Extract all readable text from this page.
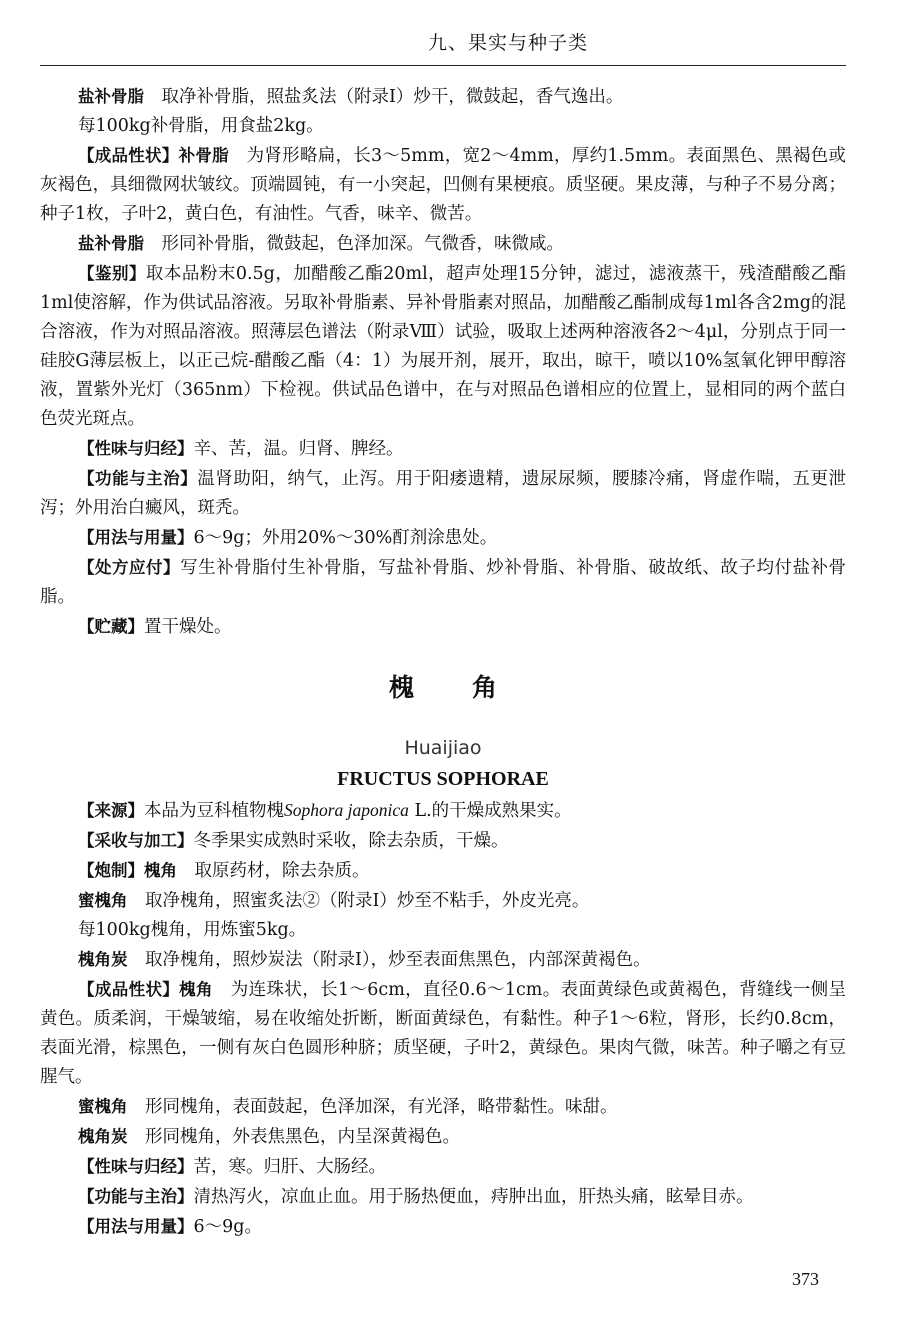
九、果实与种子类

盐补骨脂　取净补骨脂，照盐炙法（附录Ⅰ）炒干，微鼓起，香气逸出。

每100kg补骨脂，用食盐2kg。

【成品性状】补骨脂　为肾形略扁，长3～5mm，宽2～4mm，厚约1.5mm。表面黑色、黑褐色或灰褐色，具细微网状皱纹。顶端圆钝，有一小突起，凹侧有果梗痕。质坚硬。果皮薄，与种子不易分离；种子1枚，子叶2，黄白色，有油性。气香，味辛、微苦。

盐补骨脂　形同补骨脂，微鼓起，色泽加深。气微香，味微咸。

【鉴别】取本品粉末0.5g，加醋酸乙酯20ml，超声处理15分钟，滤过，滤液蒸干，残渣醋酸乙酯1ml使溶解，作为供试品溶液。另取补骨脂素、异补骨脂素对照品，加醋酸乙酯制成每1ml各含2mg的混合溶液，作为对照品溶液。照薄层色谱法（附录Ⅷ）试验，吸取上述两种溶液各2～4μl，分别点于同一硅胶G薄层板上，以正己烷-醋酸乙酯（4：1）为展开剂，展开，取出，晾干，喷以10%氢氧化钾甲醇溶液，置紫外光灯（365nm）下检视。供试品色谱中，在与对照品色谱相应的位置上，显相同的两个蓝白色荧光斑点。

【性味与归经】辛、苦，温。归肾、脾经。

【功能与主治】温肾助阳，纳气，止泻。用于阳痿遗精，遗尿尿频，腰膝冷痛，肾虚作喘，五更泄泻；外用治白癜风，斑秃。

【用法与用量】6～9g；外用20%～30%酊剂涂患处。

【处方应付】写生补骨脂付生补骨脂，写盐补骨脂、炒补骨脂、补骨脂、破故纸、故子均付盐补骨脂。

【贮藏】置干燥处。

槐角
Huaijiao
FRUCTUS SOPHORAE

【来源】本品为豆科植物槐Sophora japonica L.的干燥成熟果实。

【采收与加工】冬季果实成熟时采收，除去杂质，干燥。

【炮制】槐角　取原药材，除去杂质。

蜜槐角　取净槐角，照蜜炙法②（附录Ⅰ）炒至不粘手，外皮光亮。

每100kg槐角，用炼蜜5kg。

槐角炭　取净槐角，照炒炭法（附录Ⅰ），炒至表面焦黑色，内部深黄褐色。

【成品性状】槐角　为连珠状，长1～6cm，直径0.6～1cm。表面黄绿色或黄褐色，背缝线一侧呈黄色。质柔润，干燥皱缩，易在收缩处折断，断面黄绿色，有黏性。种子1～6粒，肾形，长约0.8cm，表面光滑，棕黑色，一侧有灰白色圆形种脐；质坚硬，子叶2，黄绿色。果肉气微，味苦。种子嚼之有豆腥气。

蜜槐角　形同槐角，表面鼓起，色泽加深，有光泽，略带黏性。味甜。

槐角炭　形同槐角，外表焦黑色，内呈深黄褐色。

【性味与归经】苦，寒。归肝、大肠经。

【功能与主治】清热泻火，凉血止血。用于肠热便血，痔肿出血，肝热头痛，眩晕目赤。

【用法与用量】6～9g。

373
